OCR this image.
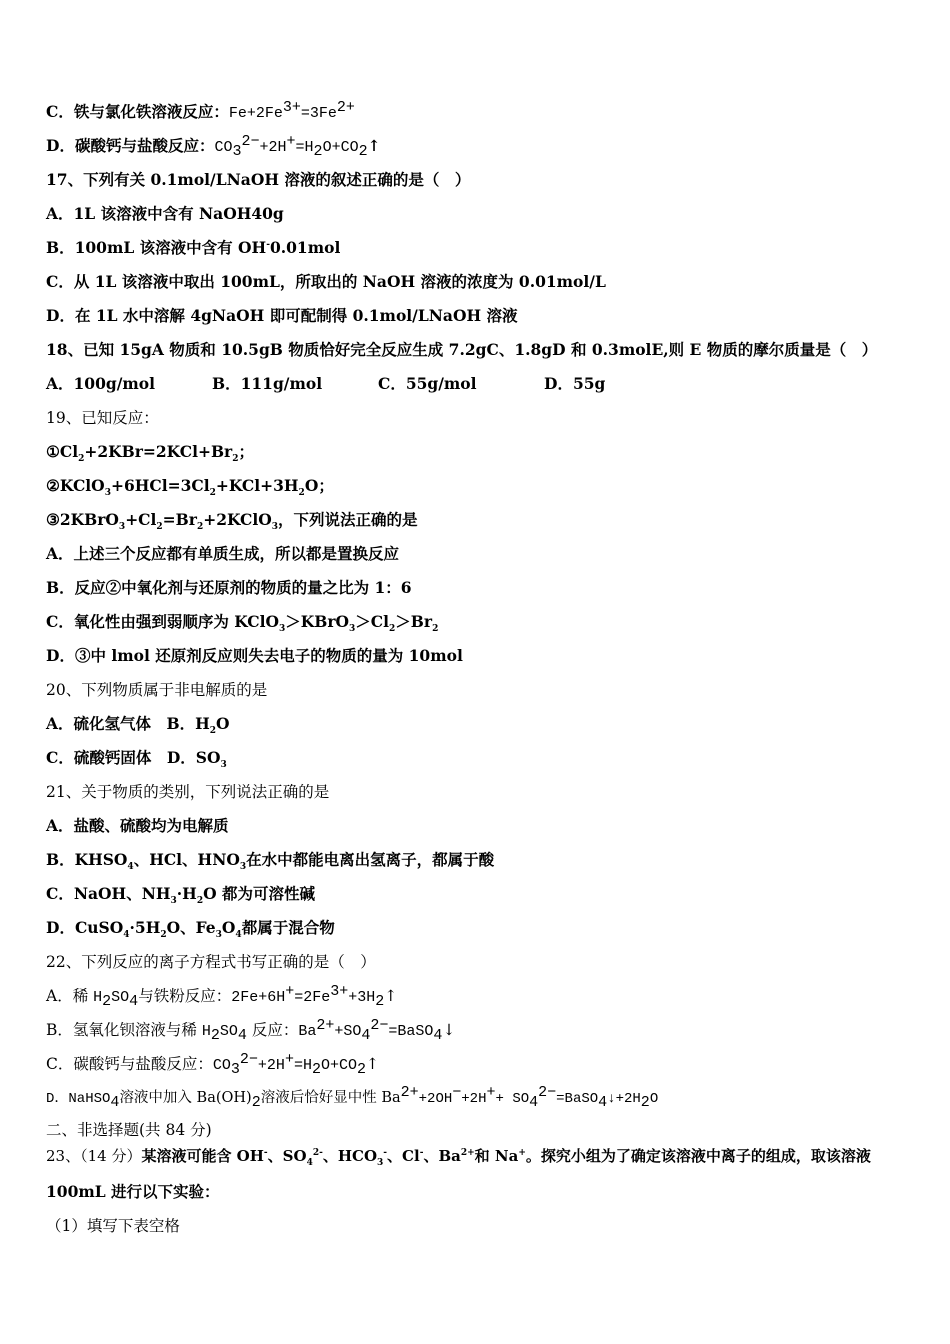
C．铁与氯化铁溶液反应：$Fe+2Fe^{3+}=3Fe^{2+}$
D．碳酸钙与盐酸反应：$CO_3^{2-}+2H^+=H_2O+CO_2↑$
17、下列有关 0.1mol/LNaOH 溶液的叙述正确的是（　）
A．1L 该溶液中含有 NaOH40g
B．100mL 该溶液中含有 OH-0.01mol
C．从 1L 该溶液中取出 100mL，所取出的 NaOH 溶液的浓度为 0.01mol/L
D．在 1L 水中溶解 4gNaOH 即可配制得 0.1mol/LNaOH 溶液
18、已知 15gA 物质和 10.5gB 物质恰好完全反应生成 7.2gC、1.8gD 和 0.3molE,则 E 物质的摩尔质量是（　）
A．100g/mol	B．111g/mol	C．55g/mol	D．55g
19、已知反应：
$①Cl_2+2KBr=2KCl+Br_2$；
$②KClO_3+6HCl=3Cl_2+KCl+3H_2O$；
$③2KBrO_3+Cl_2=Br_2+2KClO_3$，下列说法正确的是
A．上述三个反应都有单质生成，所以都是置换反应
B．反应②中氧化剂与还原剂的物质的量之比为 1：6
C．氧化性由强到弱顺序为 $KClO_3>KBrO_3>Cl_2>Br_2$
D．③中 lmol 还原剂反应则失去电子的物质的量为 10mol
20、下列物质属于非电解质的是
A．硫化氢气体　B．$H_2O$
C．硫酸钙固体　D．$SO_3$
21、关于物质的类别，下列说法正确的是
A．盐酸、硫酸均为电解质
B．$KHSO_4$、HCl、$HNO_3$在水中都能电离出氢离子，都属于酸
C．NaOH、$NH_3\cdot H_2O$ 都为可溶性碱
D．$CuSO_4\cdot 5H_2O$、$Fe_3O_4$都属于混合物
22、下列反应的离子方程式书写正确的是（　）
A．稀 $H_2SO_4$与铁粉反应：$2Fe+6H^+=2Fe^{3+}+3H_2↑$
B．氢氧化钡溶液与稀 $H_2SO_4$ 反应：$Ba^{2+}+SO_4^{2-}=BaSO_4↓$
C．碳酸钙与盐酸反应：$CO_3^{2-}+2H^+=H_2O+CO_2↑$
D．NaHSO$_4$溶液中加入 $Ba(OH)_2$溶液后恰好显中性 $Ba^{2+}+2OH^-+2H^++$ $SO_4^{2-}=BaSO_4↓+2H_2O$
二、非选择题(共 84 分)
23、（14 分）某溶液可能含 OH-、$SO_4^{2-}$、$HCO_3^-$、Cl-、$Ba^{2+}$和 Na+。探究小组为了确定该溶液中离子的组成，取该溶液
100mL 进行以下实验：
（1）填写下表空格
